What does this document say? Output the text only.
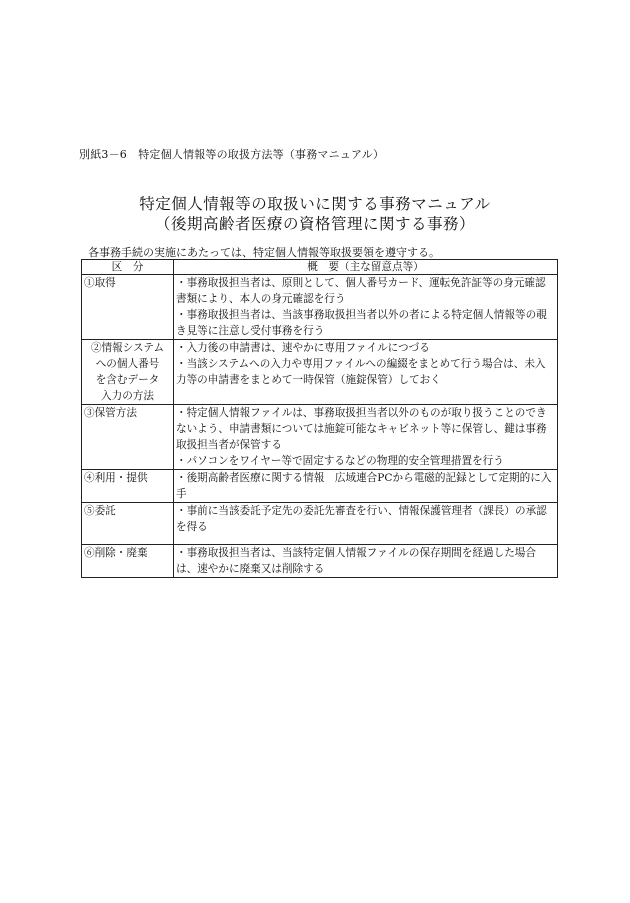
別紙3－6　特定個人情報等の取扱方法等（事務マニュアル）
特定個人情報等の取扱いに関する事務マニュアル
（後期高齢者医療の資格管理に関する事務）
各事務手続の実施にあたっては、特定個人情報等取扱要領を遵守する。
区　分	概　要（主な留意点等）

①取得	・事務取扱担当者は、原則として、個人番号カード、運転免許証等の身元確認書類により、本人の身元確認を行う
・事務取扱担当者は、当該事務取扱担当者以外の者による特定個人情報等の覗き見等に注意し受付事務を行う

②情報システム
への個人番号
を含むデータ
入力の方法	・入力後の申請書は、速やかに専用ファイルにつづる
・当該システムへの入力や専用ファイルへの編綴をまとめて行う場合は、未入力等の申請書をまとめて一時保管（施錠保管）しておく

③保管方法	・特定個人情報ファイルは、事務取扱担当者以外のものが取り扱うことのできないよう、申請書類については施錠可能なキャビネット等に保管し、鍵は事務取扱担当者が保管する
・パソコンをワイヤー等で固定するなどの物理的安全管理措置を行う

④利用・提供	・後期高齢者医療に関する情報　広域連合PCから電磁的記録として定期的に入手

⑤委託	・事前に当該委託予定先の委託先審査を行い、情報保護管理者（課長）の承認を得る

⑥削除・廃棄	・事務取扱担当者は、当該特定個人情報ファイルの保存期間を経過した場合は、速やかに廃棄又は削除する
